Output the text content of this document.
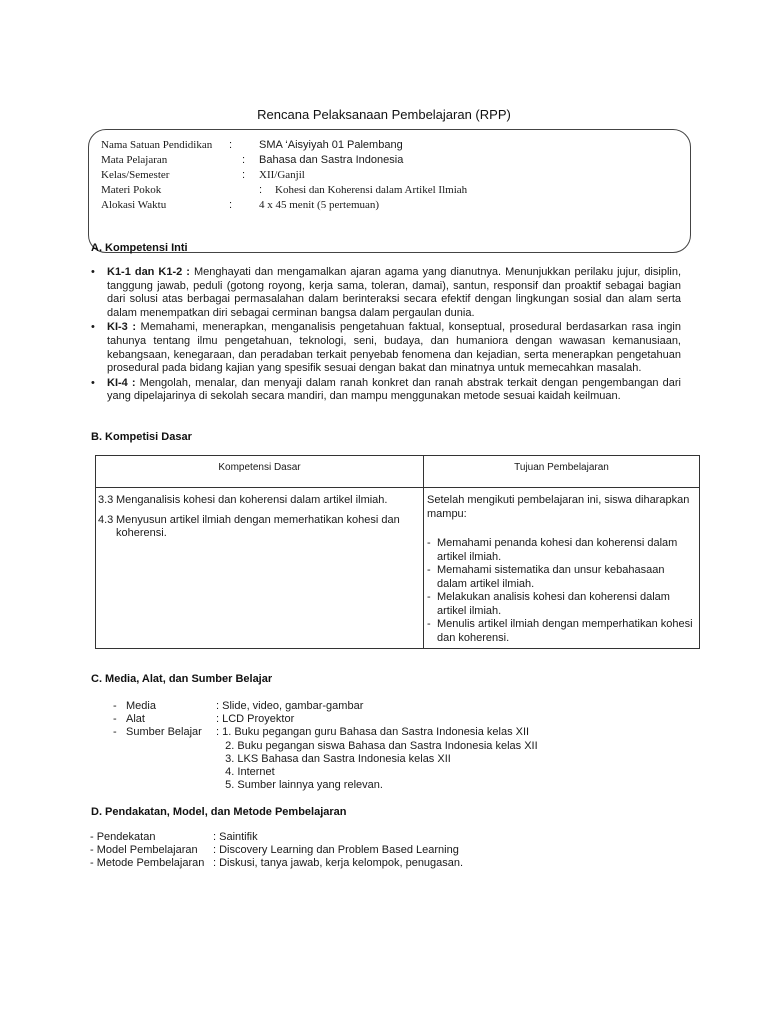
Rencana Pelaksanaan Pembelajaran (RPP)
Nama Satuan Pendidikan : SMA ‘Aisyiyah 01 Palembang
Mata Pelajaran	: Bahasa dan Sastra Indonesia
Kelas/Semester	: XII/Ganjil
Materi Pokok	: Kohesi dan Koherensi dalam Artikel Ilmiah
Alokasi Waktu	: 4 x 45 menit (5 pertemuan)
A. Kompetensi Inti
• K1-1 dan K1-2 : Menghayati dan mengamalkan ajaran agama yang dianutnya. Menunjukkan perilaku jujur, disiplin, tanggung jawab, peduli (gotong royong, kerja sama, toleran, damai), santun, responsif dan proaktif sebagai bagian dari solusi atas berbagai permasalahan dalam berinteraksi secara efektif dengan lingkungan sosial dan alam serta dalam menempatkan diri sebagai cerminan bangsa dalam pergaulan dunia.
• KI-3 : Memahami, menerapkan, menganalisis pengetahuan faktual, konseptual, prosedural berdasarkan rasa ingin tahunya tentang ilmu pengetahuan, teknologi, seni, budaya, dan humaniora dengan wawasan kemanusiaan, kebangsaan, kenegaraan, dan peradaban terkait penyebab fenomena dan kejadian, serta menerapkan pengetahuan prosedural pada bidang kajian yang spesifik sesuai dengan bakat dan minatnya untuk memecahkan masalah.
• KI-4 : Mengolah, menalar, dan menyaji dalam ranah konkret dan ranah abstrak terkait dengan pengembangan dari yang dipelajarinya di sekolah secara mandiri, dan mampu menggunakan metode sesuai kaidah keilmuan.
B. Kompetisi Dasar
Kompetensi Dasar	Tujuan Pembelajaran
3.3 Menganalisis kohesi dan koherensi dalam artikel ilmiah.
4.3 Menyusun artikel ilmiah dengan memerhatikan kohesi dan koherensi.
Setelah mengikuti pembelajaran ini, siswa diharapkan mampu:
- Memahami penanda kohesi dan koherensi dalam artikel ilmiah.
- Memahami sistematika dan unsur kebahasaan dalam artikel ilmiah.
- Melakukan analisis kohesi dan koherensi dalam artikel ilmiah.
- Menulis artikel ilmiah dengan memperhatikan kohesi dan koherensi.
C. Media, Alat, dan Sumber Belajar
- Media	: Slide, video, gambar-gambar
- Alat	: LCD Proyektor
- Sumber Belajar : 1. Buku pegangan guru Bahasa dan Sastra Indonesia kelas XII
2. Buku pegangan siswa Bahasa dan Sastra Indonesia kelas XII
3. LKS Bahasa dan Sastra Indonesia kelas XII
4. Internet
5. Sumber lainnya yang relevan.
D. Pendakatan, Model, dan Metode Pembelajaran
- Pendekatan	: Saintifik
- Model Pembelajaran : Discovery Learning dan Problem Based Learning
- Metode Pembelajaran : Diskusi, tanya jawab, kerja kelompok, penugasan.
